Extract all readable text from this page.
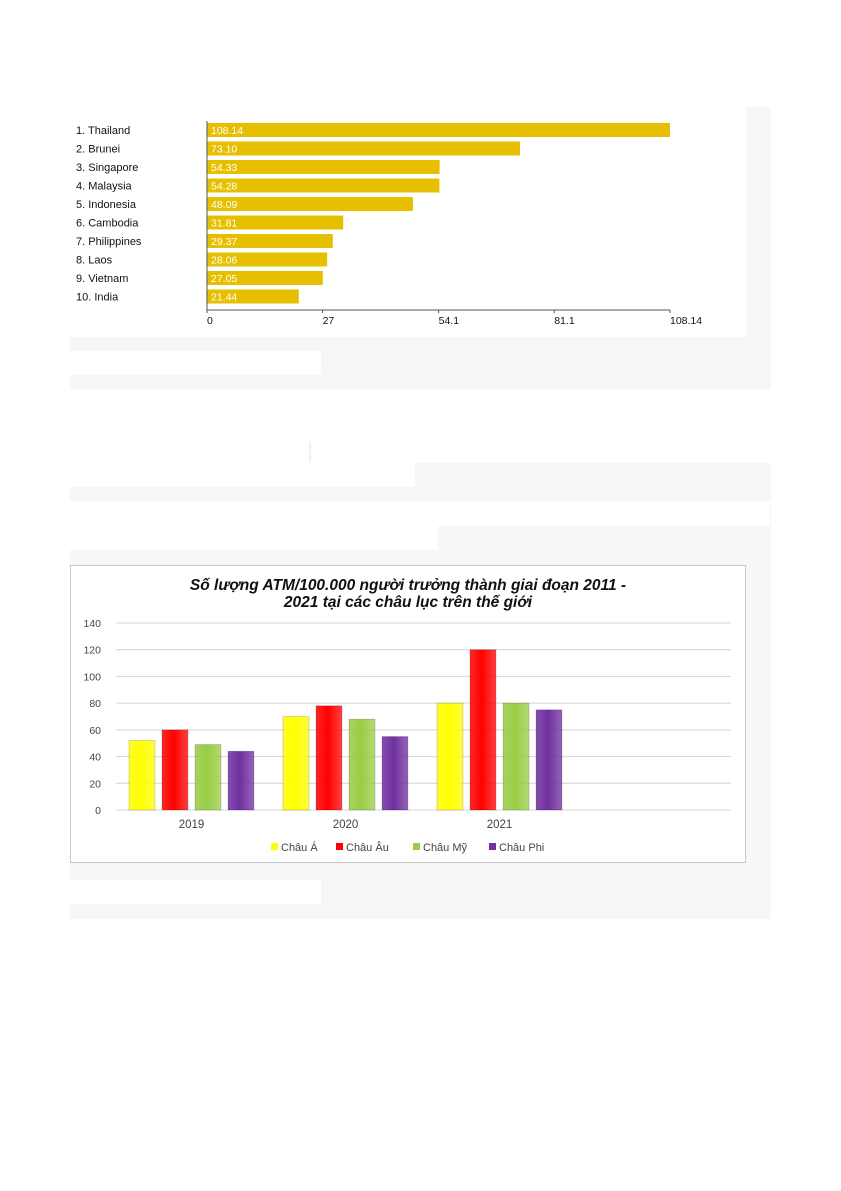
1. Thailand
2. Brunei
3. Singapore
4. Malaysia
5. Indonesia
6. Cambodia
7. Philippines
8. Laos
9. Vietnam
10. India
108.14
73.10
54.33
54.28
48.09
31.81
29.37
28.06
27.05
21.44
0	27	54.1	81.1	108.14
Số lượng ATM/100.000 người trưởng thành giai đoạn 2011 -
2021 tại các châu lục trên thế giới
0
20
40
60
80
100
120
140
2019	2020	2021
Châu Á	Châu Âu	Châu Mỹ	Châu Phi
